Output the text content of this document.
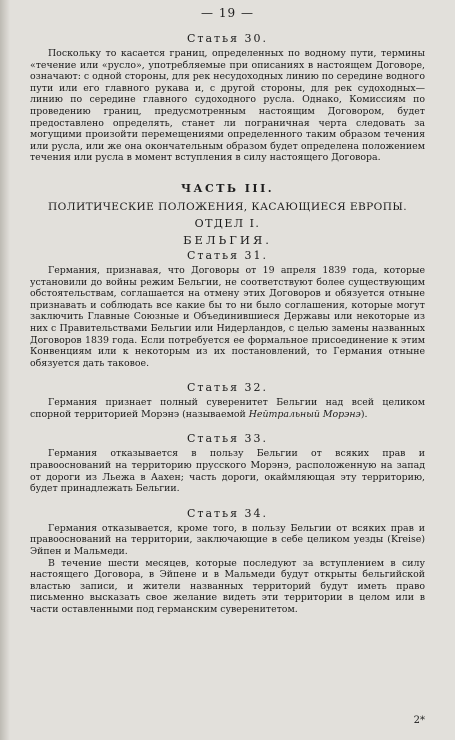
— 19 —
Статья 30.

Поскольку то касается границ, определенных по водному пути, термины «течение или «русло», употребляемые при описаниях в настоящем Договоре, означают: с одной стороны, для рек несудоходных линию по середине водного пути или его главного рукава и, с другой стороны, для рек судоходных—линию по середине главного судоходного русла. Однако, Комиссиям по проведению границ, предусмотренным настоящим Договором, будет предоставлено определять, станет ли пограничная черта следовать за могущими произойти перемещениями определенного таким образом течения или русла, или же она окончательным образом будет определена положением течения или русла в момент вступления в силу настоящего Договора.

ЧАСТЬ III.
ПОЛИТИЧЕСКИЕ ПОЛОЖЕНИЯ, КАСАЮЩИЕСЯ ЕВРОПЫ.
ОТДЕЛ I.
БЕЛЬГИЯ.
Статья 31.

Германия, признавая, что Договоры от 19 апреля 1839 года, которые установили до войны режим Бельгии, не соответствуют более существующим обстоятельствам, соглашается на отмену этих Договоров и обязуется отныне признавать и соблюдать все какие бы то ни было соглашения, которые могут заключить Главные Союзные и Объединившиеся Державы или некоторые из них с Правительствами Бельгии или Нидерландов, с целью замены названных Договоров 1839 года. Если потребуется ее формальное присоединение к этим Конвенциям или к некоторым из их постановлений, то Германия отныне обязуется дать таковое.

Статья 32.

Германия признает полный суверенитет Бельгии над всей целиком спорной территорией Морэнэ (называемой Нейтральный Морэнэ).

Статья 33.

Германия отказывается в пользу Бельгии от всяких прав и правооснований на территорию прусского Морэнэ, расположенную на запад от дороги из Льежа в Аахен; часть дороги, окаймляющая эту территорию, будет принадлежать Бельгии.

Статья 34.

Германия отказывается, кроме того, в пользу Бельгии от всяких прав и правооснований на территории, заключающие в себе целиком уезды (Kreise) Эйпен и Мальмеди.

В течение шести месяцев, которые последуют за вступлением в силу настоящего Договора, в Эйпене и в Мальмеди будут открыты бельгийской властью записи, и жители названных территорий будут иметь право письменно высказать свое желание видеть эти территории в целом или в части оставленными под германским суверенитетом.

2*
